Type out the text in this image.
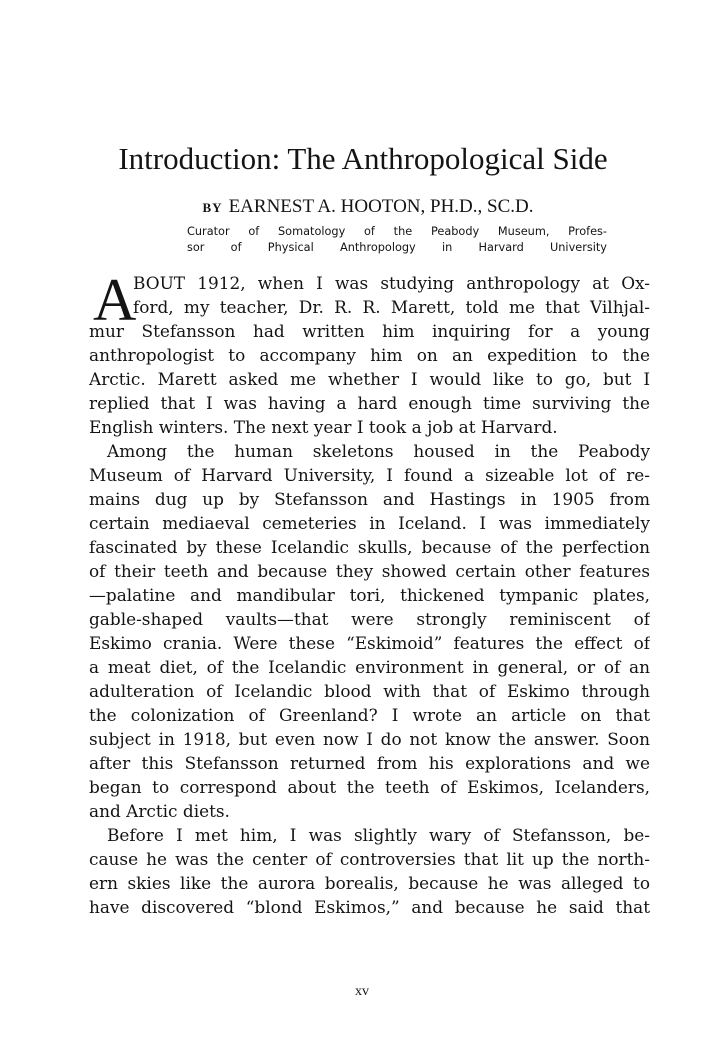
Introduction: The Anthropological Side
BY EARNEST A. HOOTON, PH.D., SC.D.
Curator of Somatology of the Peabody Museum, Profes-
sor of Physical Anthropology in Harvard University
A
BOUT 1912, when I was studying anthropology at Ox-
ford, my teacher, Dr. R. R. Marett, told me that Vilhjal-
mur Stefansson had written him inquiring for a young
anthropologist to accompany him on an expedition to the
Arctic. Marett asked me whether I would like to go, but I
replied that I was having a hard enough time surviving the
English winters. The next year I took a job at Harvard.
Among the human skeletons housed in the Peabody
Museum of Harvard University, I found a sizeable lot of re-
mains dug up by Stefansson and Hastings in 1905 from
certain mediaeval cemeteries in Iceland. I was immediately
fascinated by these Icelandic skulls, because of the perfection
of their teeth and because they showed certain other features
—palatine and mandibular tori, thickened tympanic plates,
gable-shaped vaults—that were strongly reminiscent of
Eskimo crania. Were these “Eskimoid” features the effect of
a meat diet, of the Icelandic environment in general, or of an
adulteration of Icelandic blood with that of Eskimo through
the colonization of Greenland? I wrote an article on that
subject in 1918, but even now I do not know the answer. Soon
after this Stefansson returned from his explorations and we
began to correspond about the teeth of Eskimos, Icelanders,
and Arctic diets.
Before I met him, I was slightly wary of Stefansson, be-
cause he was the center of controversies that lit up the north-
ern skies like the aurora borealis, because he was alleged to
have discovered “blond Eskimos,” and because he said that
xv
